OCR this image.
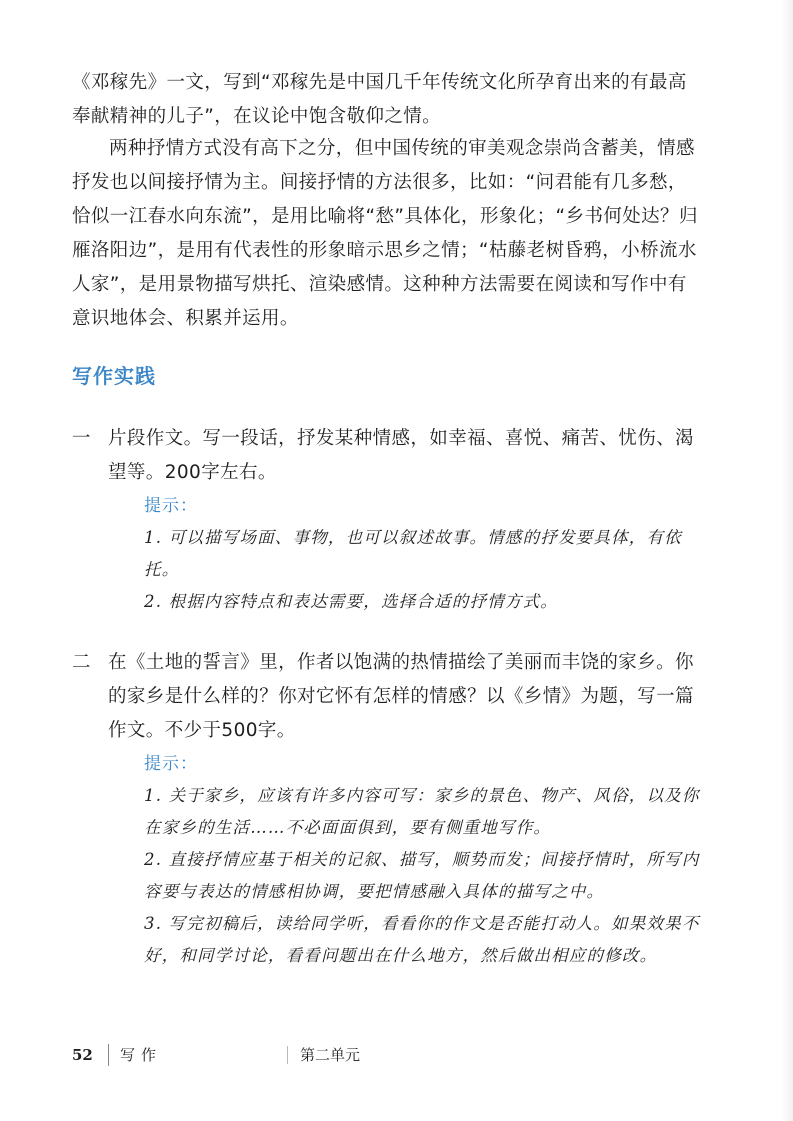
《邓稼先》一文，写到“邓稼先是中国几千年传统文化所孕育出来的有最高奉献精神的儿子”，在议论中饱含敬仰之情。

两种抒情方式没有高下之分，但中国传统的审美观念崇尚含蓄美，情感抒发也以间接抒情为主。间接抒情的方法很多，比如：“问君能有几多愁，恰似一江春水向东流”，是用比喻将“愁”具体化，形象化；“乡书何处达？归雁洛阳边”，是用有代表性的形象暗示思乡之情；“枯藤老树昏鸦，小桥流水人家”，是用景物描写烘托、渲染感情。这种种方法需要在阅读和写作中有意识地体会、积累并运用。

写作实践
一 片段作文。写一段话，抒发某种情感，如幸福、喜悦、痛苦、忧伤、渴望等。200字左右。
提示：
1. 可以描写场面、事物，也可以叙述故事。情感的抒发要具体，有依托。
2. 根据内容特点和表达需要，选择合适的抒情方式。
二 在《土地的誓言》里，作者以饱满的热情描绘了美丽而丰饶的家乡。你的家乡是什么样的？你对它怀有怎样的情感？以《乡情》为题，写一篇作文。不少于500字。
提示：
1. 关于家乡，应该有许多内容可写：家乡的景色、物产、风俗，以及你在家乡的生活……不必面面俱到，要有侧重地写作。
2. 直接抒情应基于相关的记叙、描写，顺势而发；间接抒情时，所写内容要与表达的情感相协调，要把情感融入具体的描写之中。
3. 写完初稿后，读给同学听，看看你的作文是否能打动人。如果效果不好，和同学讨论，看看问题出在什么地方，然后做出相应的修改。
52 写作	第二单元
